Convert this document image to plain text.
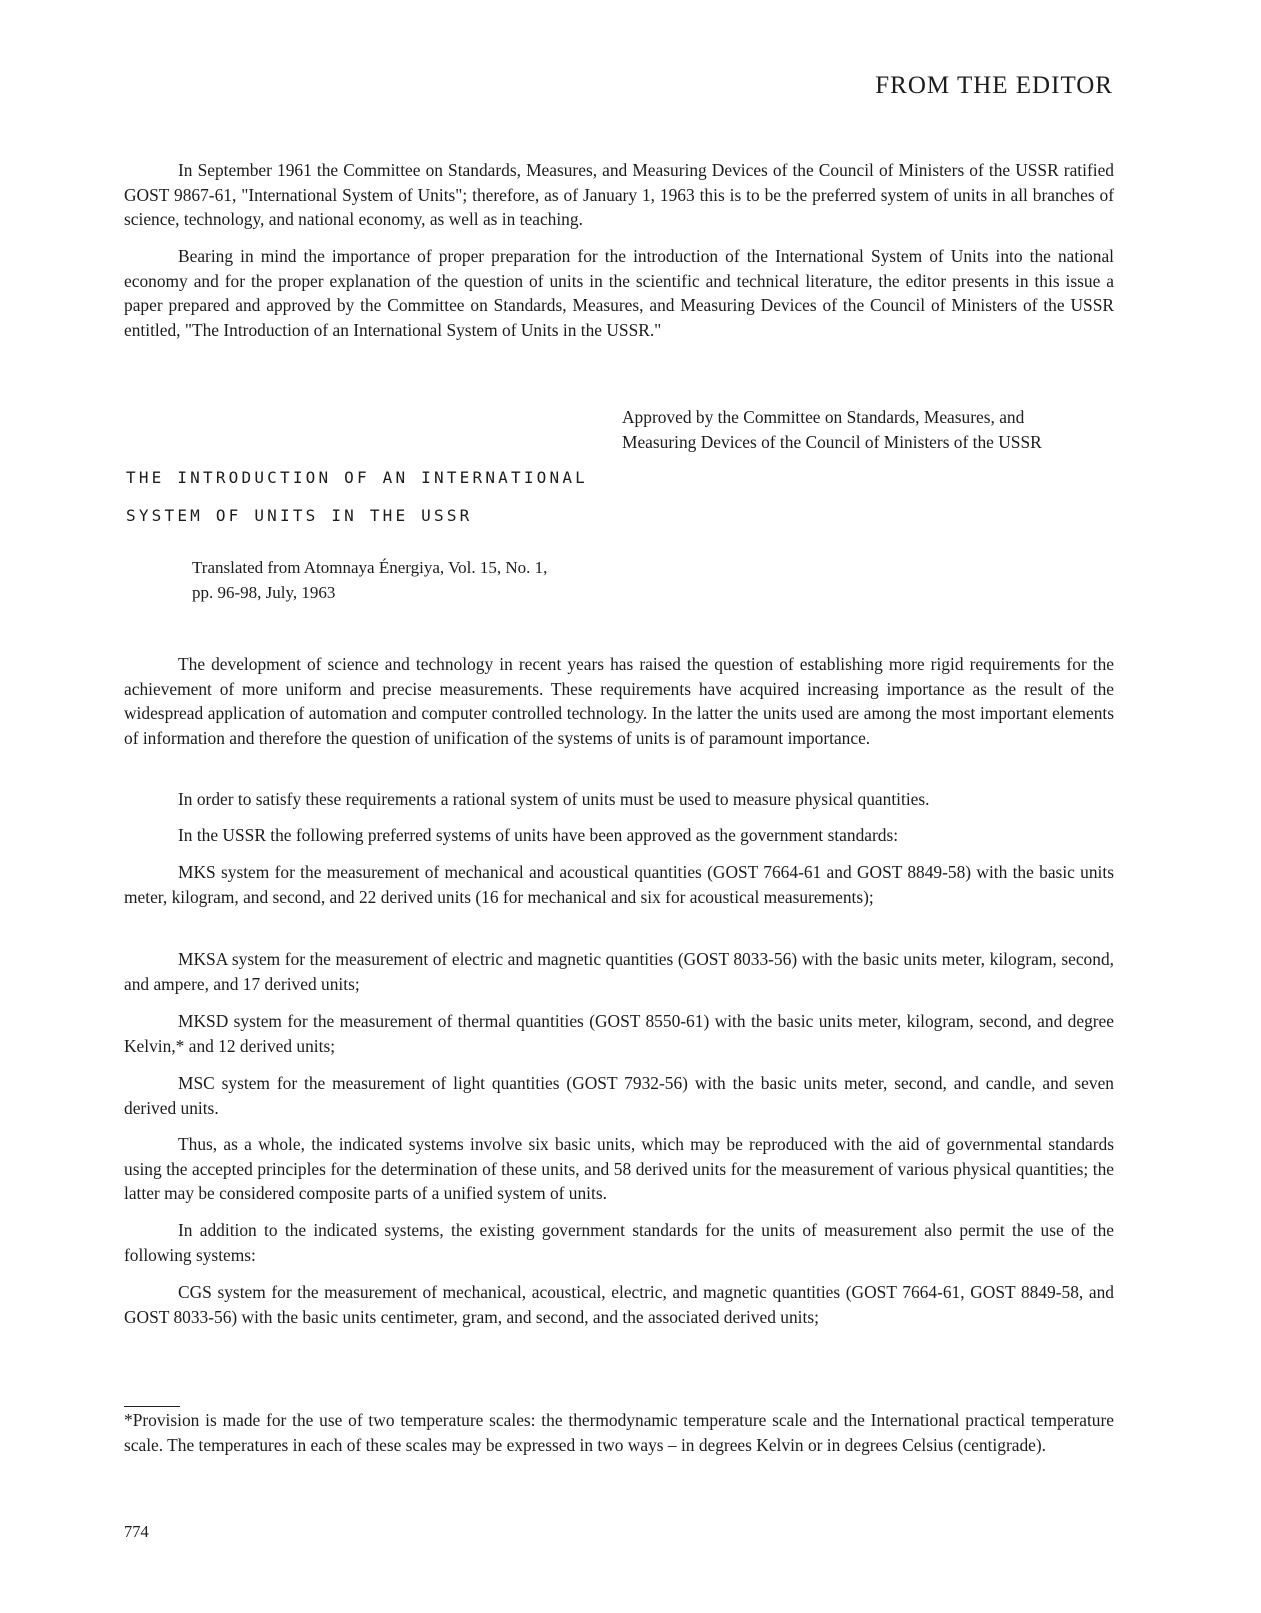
FROM THE EDITOR

In September 1961 the Committee on Standards, Measures, and Measuring Devices of the Council of Ministers of the USSR ratified GOST 9867-61, "International System of Units"; therefore, as of January 1, 1963 this is to be the preferred system of units in all branches of science, technology, and national economy, as well as in teaching.

Bearing in mind the importance of proper preparation for the introduction of the International System of Units into the national economy and for the proper explanation of the question of units in the scientific and technical literature, the editor presents in this issue a paper prepared and approved by the Committee on Standards, Measures, and Measuring Devices of the Council of Ministers of the USSR entitled, "The Introduction of an International System of Units in the USSR."

Approved by the Committee on Standards, Measures, and
Measuring Devices of the Council of Ministers of the USSR
THE INTRODUCTION OF AN INTERNATIONAL
SYSTEM OF UNITS IN THE USSR
Translated from Atomnaya Énergiya, Vol. 15, No. 1,
pp. 96-98, July, 1963

The development of science and technology in recent years has raised the question of establishing more rigid requirements for the achievement of more uniform and precise measurements. These requirements have acquired increasing importance as the result of the widespread application of automation and computer controlled technology. In the latter the units used are among the most important elements of information and therefore the question of unification of the systems of units is of paramount importance.

In order to satisfy these requirements a rational system of units must be used to measure physical quantities.

In the USSR the following preferred systems of units have been approved as the government standards:

MKS system for the measurement of mechanical and acoustical quantities (GOST 7664-61 and GOST 8849-58) with the basic units meter, kilogram, and second, and 22 derived units (16 for mechanical and six for acoustical measurements);

MKSA system for the measurement of electric and magnetic quantities (GOST 8033-56) with the basic units meter, kilogram, second, and ampere, and 17 derived units;

MKSD system for the measurement of thermal quantities (GOST 8550-61) with the basic units meter, kilogram, second, and degree Kelvin,* and 12 derived units;

MSC system for the measurement of light quantities (GOST 7932-56) with the basic units meter, second, and candle, and seven derived units.

Thus, as a whole, the indicated systems involve six basic units, which may be reproduced with the aid of governmental standards using the accepted principles for the determination of these units, and 58 derived units for the measurement of various physical quantities; the latter may be considered composite parts of a unified system of units.

In addition to the indicated systems, the existing government standards for the units of measurement also permit the use of the following systems:

CGS system for the measurement of mechanical, acoustical, electric, and magnetic quantities (GOST 7664-61, GOST 8849-58, and GOST 8033-56) with the basic units centimeter, gram, and second, and the associated derived units;

*Provision is made for the use of two temperature scales: the thermodynamic temperature scale and the International practical temperature scale. The temperatures in each of these scales may be expressed in two ways – in degrees Kelvin or in degrees Celsius (centigrade).

774
